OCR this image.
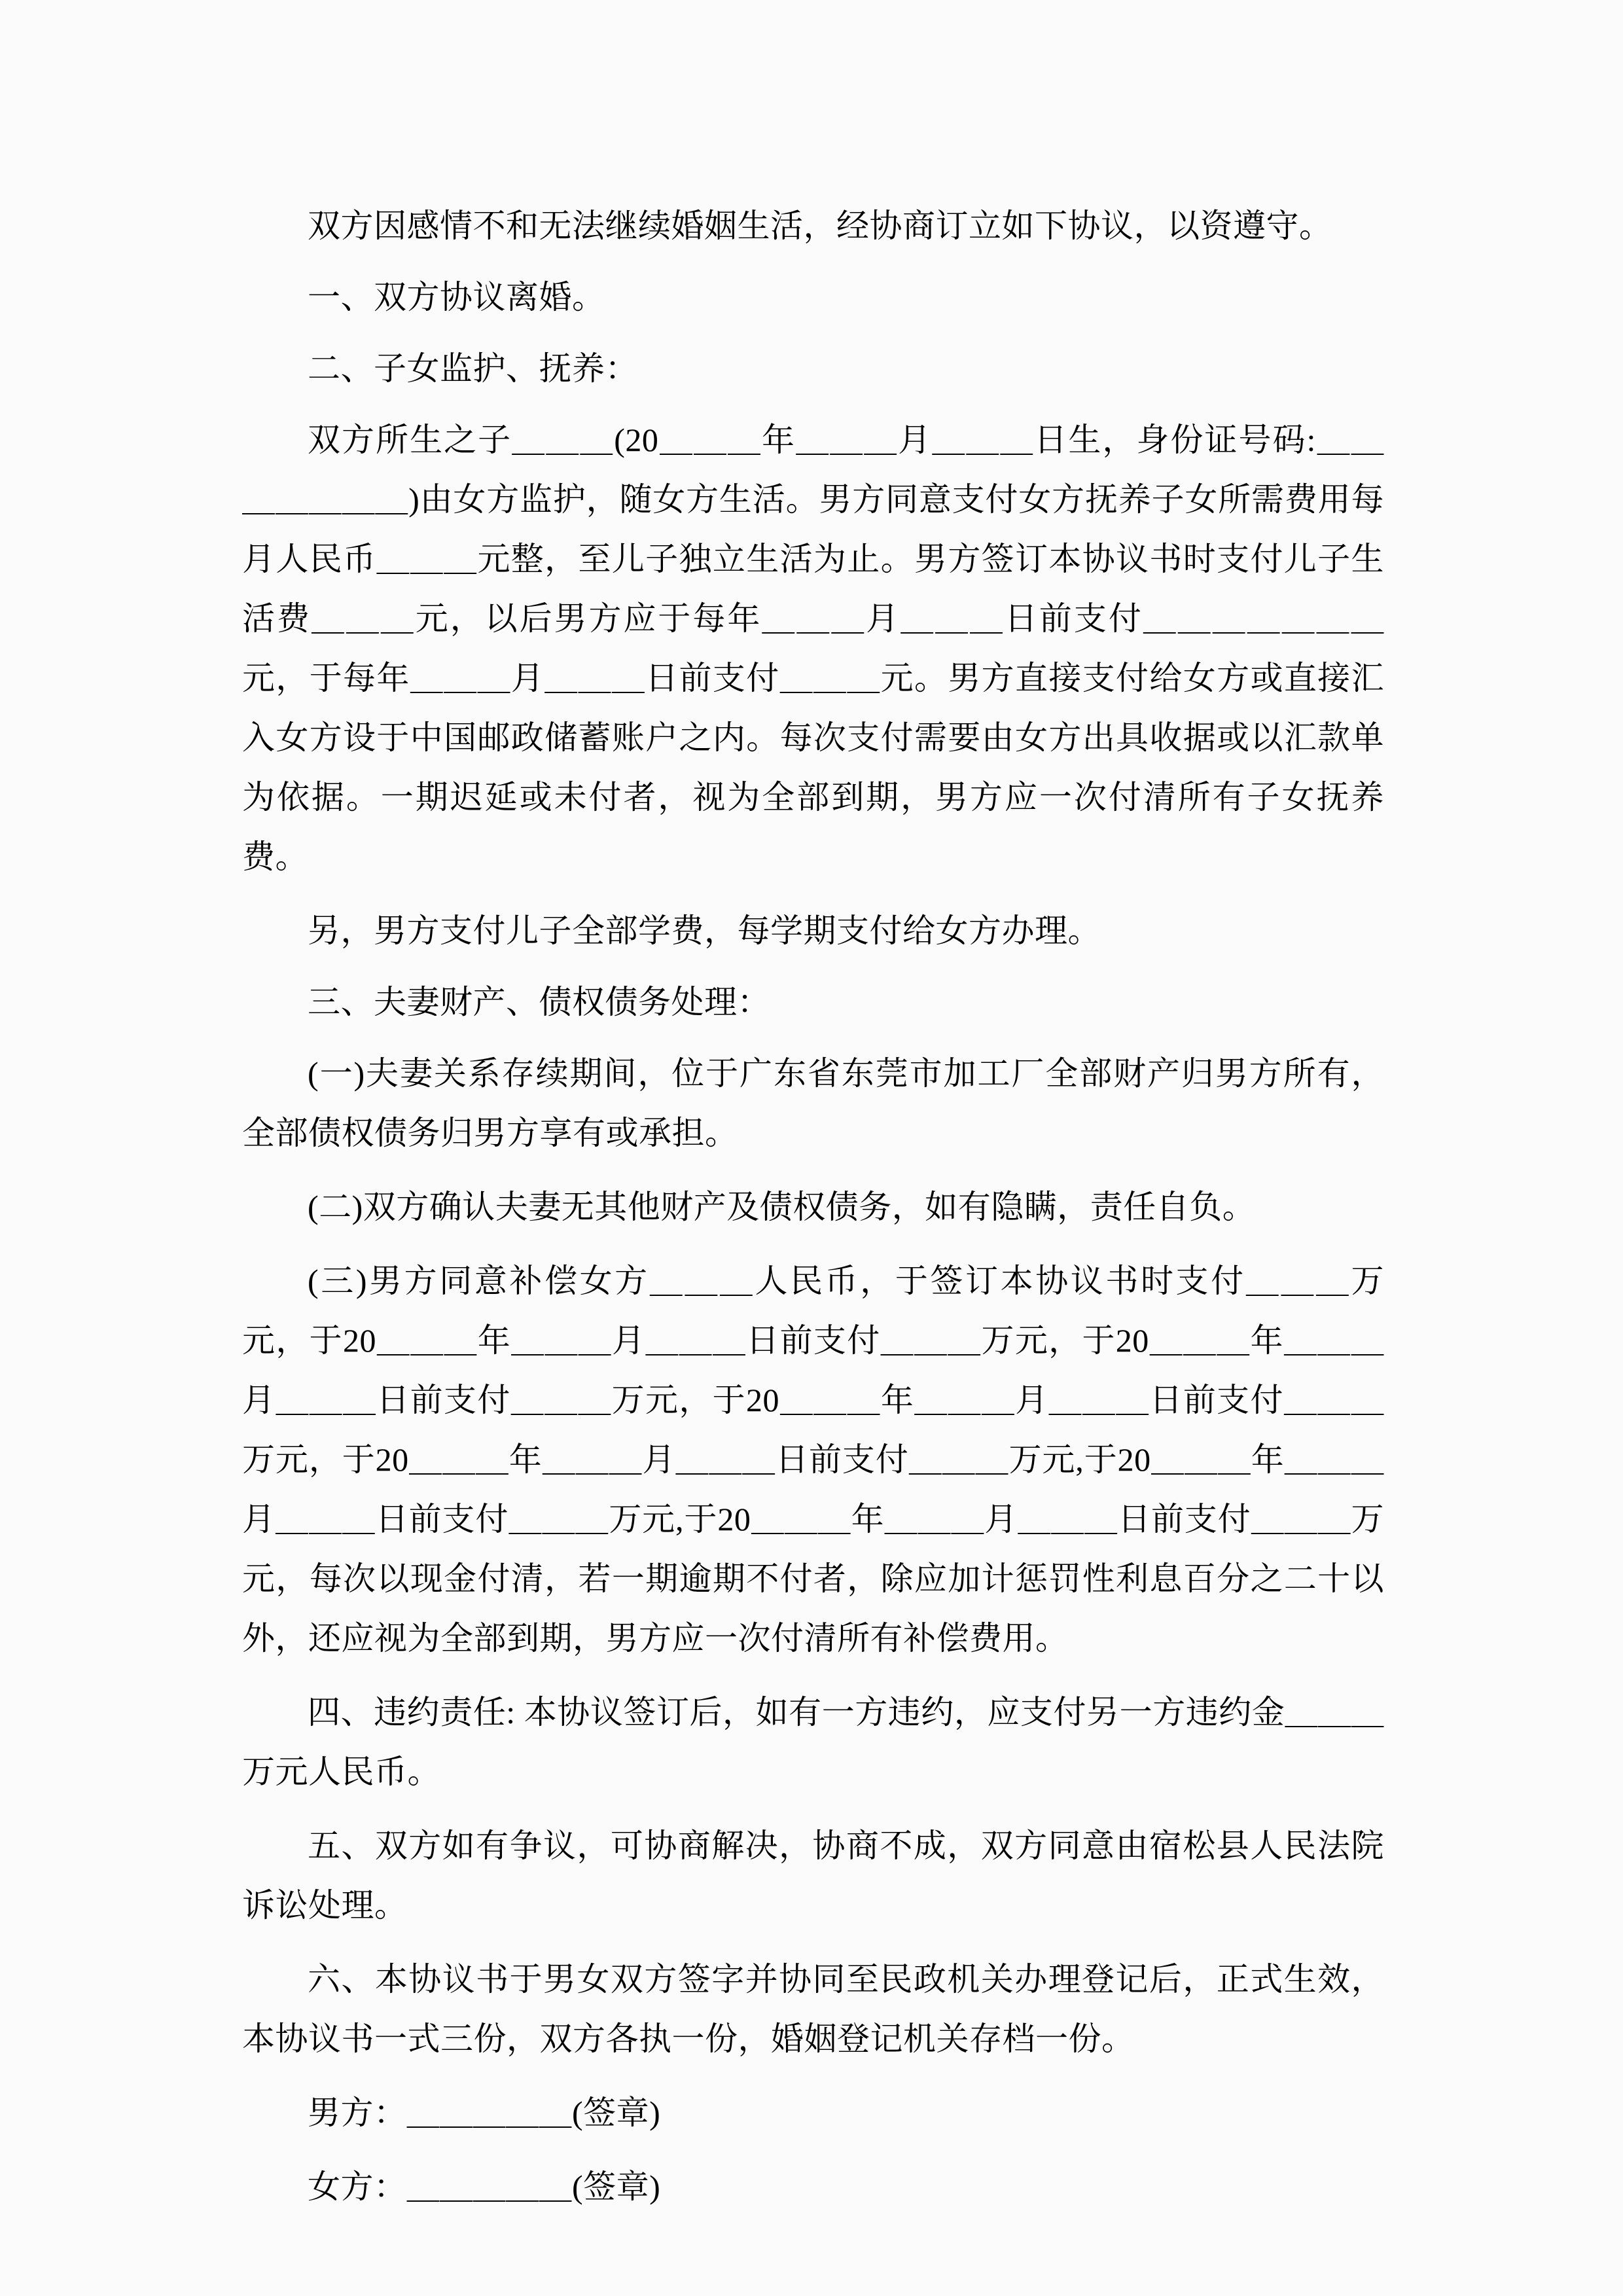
双方因感情不和无法继续婚姻生活，经协商订立如下协议，以资遵守。

一、双方协议离婚。

二、子女监护、抚养：

双方所生之子＿＿＿(20＿＿＿年＿＿＿月＿＿＿日生，身份证号码:＿＿＿＿＿＿＿)由女方监护，随女方生活。男方同意支付女方抚养子女所需费用每月人民币＿＿＿元整，至儿子独立生活为止。男方签订本协议书时支付儿子生活费＿＿＿元，以后男方应于每年＿＿＿月＿＿＿日前支付＿＿＿＿＿＿＿元，于每年＿＿＿月＿＿＿日前支付＿＿＿元。男方直接支付给女方或直接汇入女方设于中国邮政储蓄账户之内。每次支付需要由女方出具收据或以汇款单为依据。一期迟延或未付者，视为全部到期，男方应一次付清所有子女抚养费。

另，男方支付儿子全部学费，每学期支付给女方办理。

三、夫妻财产、债权债务处理：

(一)夫妻关系存续期间，位于广东省东莞市加工厂全部财产归男方所有，全部债权债务归男方享有或承担。

(二)双方确认夫妻无其他财产及债权债务，如有隐瞒，责任自负。

(三)男方同意补偿女方＿＿＿人民币，于签订本协议书时支付＿＿＿万元，于20＿＿＿年＿＿＿月＿＿＿日前支付＿＿＿万元，于20＿＿＿年＿＿＿月＿＿＿日前支付＿＿＿万元，于20＿＿＿年＿＿＿月＿＿＿日前支付＿＿＿万元，于20＿＿＿年＿＿＿月＿＿＿日前支付＿＿＿万元,于20＿＿＿年＿＿＿月＿＿＿日前支付＿＿＿万元,于20＿＿＿年＿＿＿月＿＿＿日前支付＿＿＿万元，每次以现金付清，若一期逾期不付者，除应加计惩罚性利息百分之二十以外，还应视为全部到期，男方应一次付清所有补偿费用。

四、违约责任: 本协议签订后，如有一方违约，应支付另一方违约金＿＿＿万元人民币。

五、双方如有争议，可协商解决，协商不成，双方同意由宿松县人民法院诉讼处理。

六、本协议书于男女双方签字并协同至民政机关办理登记后，正式生效，本协议书一式三份，双方各执一份，婚姻登记机关存档一份。

男方：＿＿＿＿＿(签章)

女方：＿＿＿＿＿(签章)
